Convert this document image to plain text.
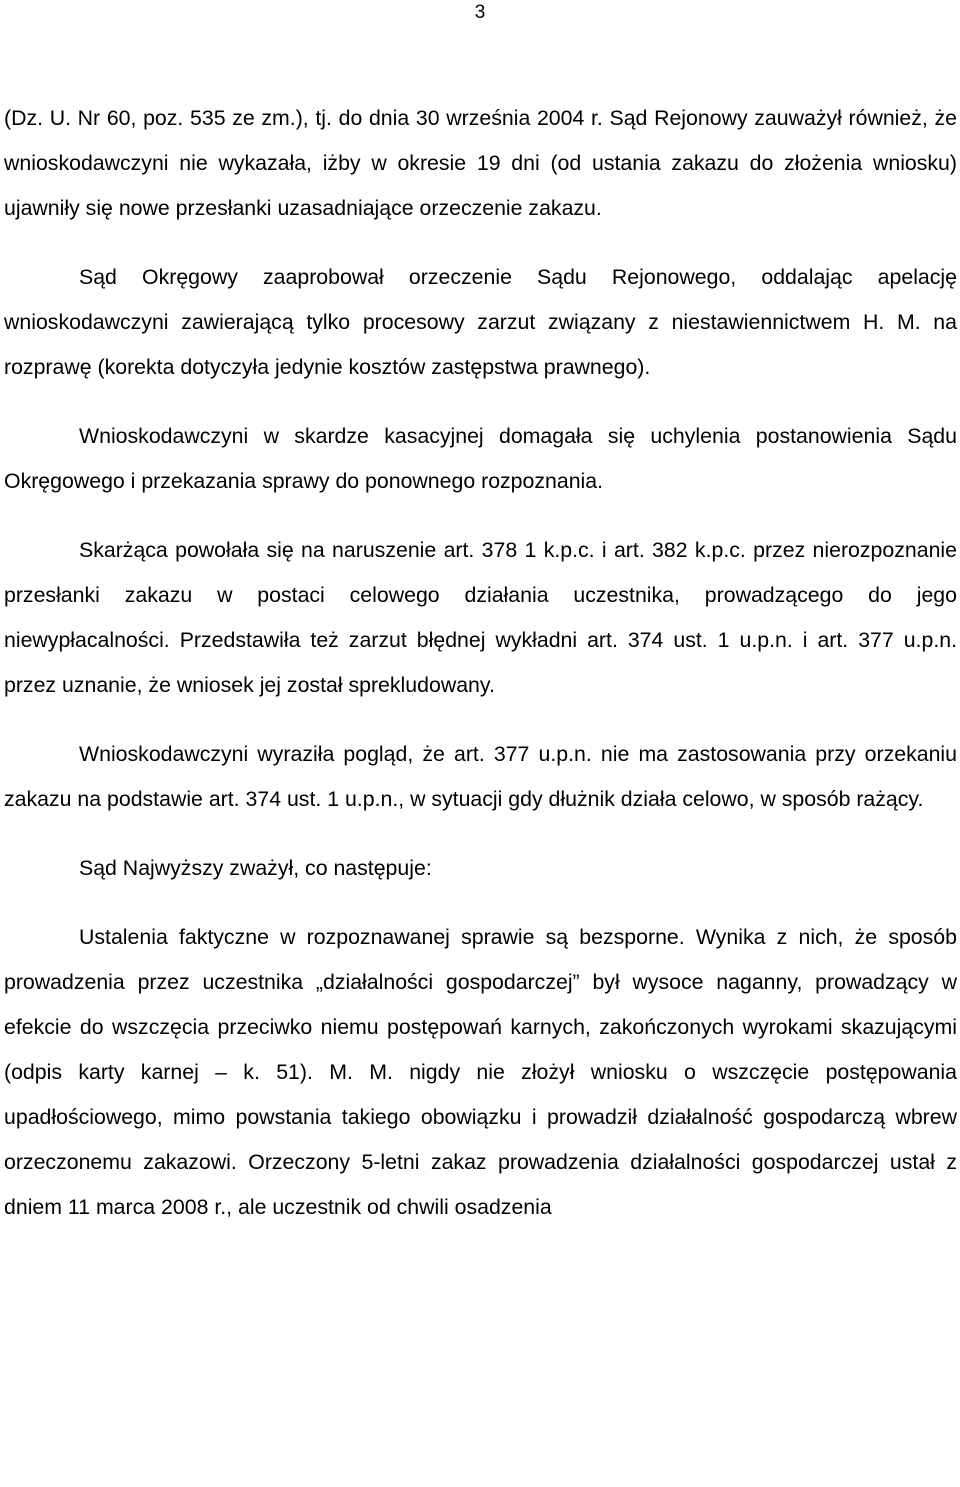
3

(Dz. U. Nr 60, poz. 535 ze zm.), tj. do dnia 30 września 2004 r. Sąd Rejonowy zauważył również, że wnioskodawczyni nie wykazała, iżby w okresie 19 dni (od ustania zakazu do złożenia wniosku) ujawniły się nowe przesłanki uzasadniające orzeczenie zakazu.

Sąd Okręgowy zaaprobował orzeczenie Sądu Rejonowego, oddalając apelację wnioskodawczyni zawierającą tylko procesowy zarzut związany z niestawiennictwem H. M. na rozprawę (korekta dotyczyła jedynie kosztów zastępstwa prawnego).

Wnioskodawczyni w skardze kasacyjnej domagała się uchylenia postanowienia Sądu Okręgowego i przekazania sprawy do ponownego rozpoznania.

Skarżąca powołała się na naruszenie art. 378 1 k.p.c. i art. 382 k.p.c. przez nierozpoznanie przesłanki zakazu w postaci celowego działania uczestnika, prowadzącego do jego niewypłacalności. Przedstawiła też zarzut błędnej wykładni art. 374 ust. 1 u.p.n. i art. 377 u.p.n. przez uznanie, że wniosek jej został sprekludowany.

Wnioskodawczyni wyraziła pogląd, że art. 377 u.p.n. nie ma zastosowania przy orzekaniu zakazu na podstawie art. 374 ust. 1 u.p.n., w sytuacji gdy dłużnik działa celowo, w sposób rażący.

Sąd Najwyższy zważył, co następuje:

Ustalenia faktyczne w rozpoznawanej sprawie są bezsporne. Wynika z nich, że sposób prowadzenia przez uczestnika „działalności gospodarczej” był wysoce naganny, prowadzący w efekcie do wszczęcia przeciwko niemu postępowań karnych, zakończonych wyrokami skazującymi (odpis karty karnej – k. 51). M. M. nigdy nie złożył wniosku o wszczęcie postępowania upadłościowego, mimo powstania takiego obowiązku i prowadził działalność gospodarczą wbrew orzeczonemu zakazowi. Orzeczony 5-letni zakaz prowadzenia działalności gospodarczej ustał z dniem 11 marca 2008 r., ale uczestnik od chwili osadzenia
